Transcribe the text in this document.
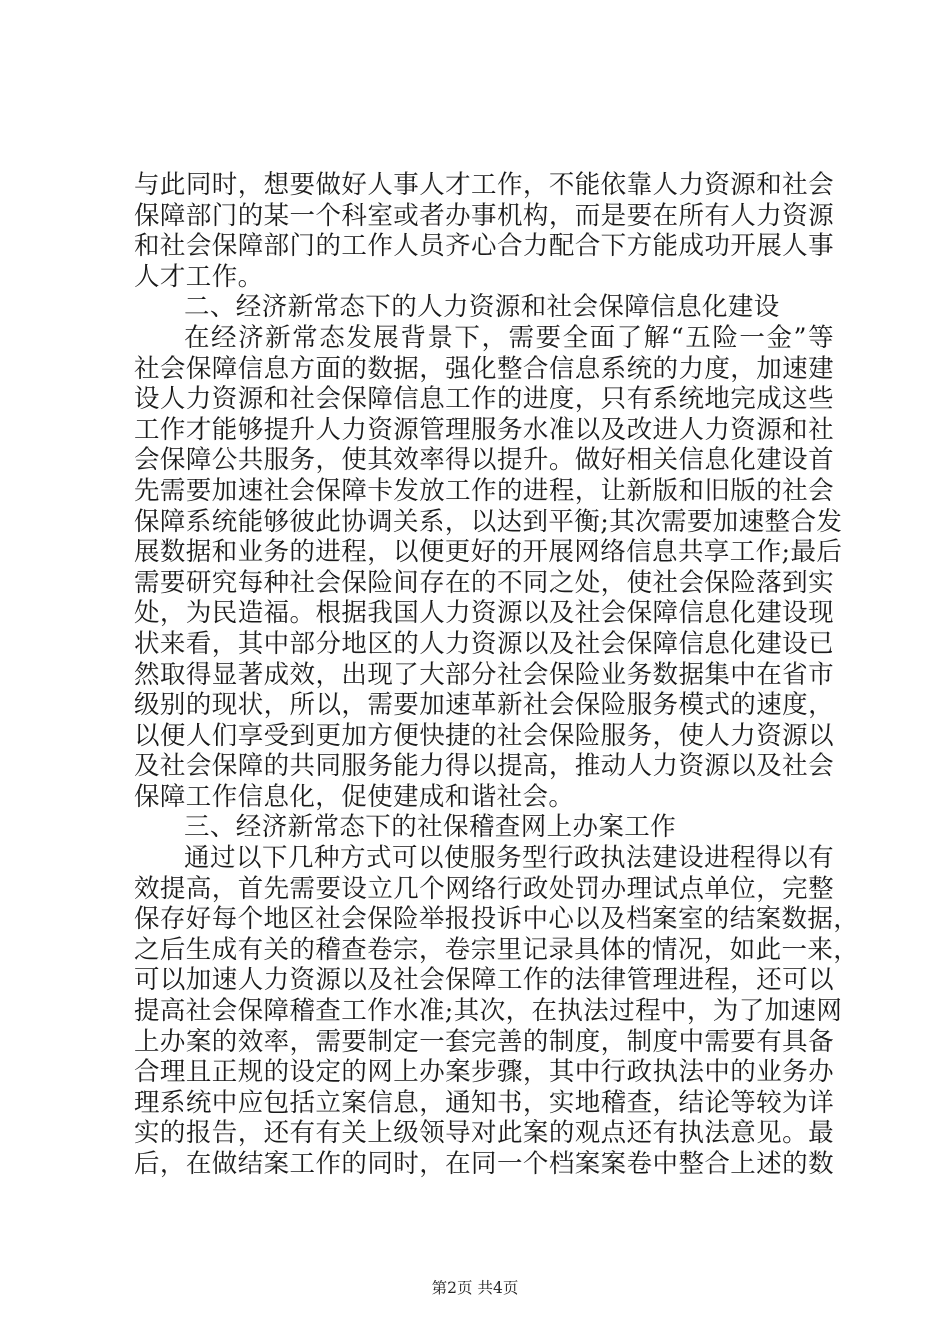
与此同时，想要做好人事人才工作，不能依靠人力资源和社会
保障部门的某一个科室或者办事机构，而是要在所有人力资源
和社会保障部门的工作人员齐心合力配合下方能成功开展人事
人才工作。
二、经济新常态下的人力资源和社会保障信息化建设
在经济新常态发展背景下，需要全面了解“五险一金”等
社会保障信息方面的数据，强化整合信息系统的力度，加速建
设人力资源和社会保障信息工作的进度，只有系统地完成这些
工作才能够提升人力资源管理服务水准以及改进人力资源和社
会保障公共服务，使其效率得以提升。做好相关信息化建设首
先需要加速社会保障卡发放工作的进程，让新版和旧版的社会
保障系统能够彼此协调关系，以达到平衡;其次需要加速整合发
展数据和业务的进程，以便更好的开展网络信息共享工作;最后
需要研究每种社会保险间存在的不同之处，使社会保险落到实
处，为民造福。根据我国人力资源以及社会保障信息化建设现
状来看，其中部分地区的人力资源以及社会保障信息化建设已
然取得显著成效，出现了大部分社会保险业务数据集中在省市
级别的现状，所以，需要加速革新社会保险服务模式的速度，
以便人们享受到更加方便快捷的社会保险服务，使人力资源以
及社会保障的共同服务能力得以提高，推动人力资源以及社会
保障工作信息化，促使建成和谐社会。
三、经济新常态下的社保稽查网上办案工作
通过以下几种方式可以使服务型行政执法建设进程得以有
效提高，首先需要设立几个网络行政处罚办理试点单位，完整
保存好每个地区社会保险举报投诉中心以及档案室的结案数据，
之后生成有关的稽查卷宗，卷宗里记录具体的情况，如此一来，
可以加速人力资源以及社会保障工作的法律管理进程，还可以
提高社会保障稽查工作水准;其次，在执法过程中，为了加速网
上办案的效率，需要制定一套完善的制度，制度中需要有具备
合理且正规的设定的网上办案步骤，其中行政执法中的业务办
理系统中应包括立案信息，通知书，实地稽查，结论等较为详
实的报告，还有有关上级领导对此案的观点还有执法意见。最
后，在做结案工作的同时，在同一个档案案卷中整合上述的数
第2页 共4页
